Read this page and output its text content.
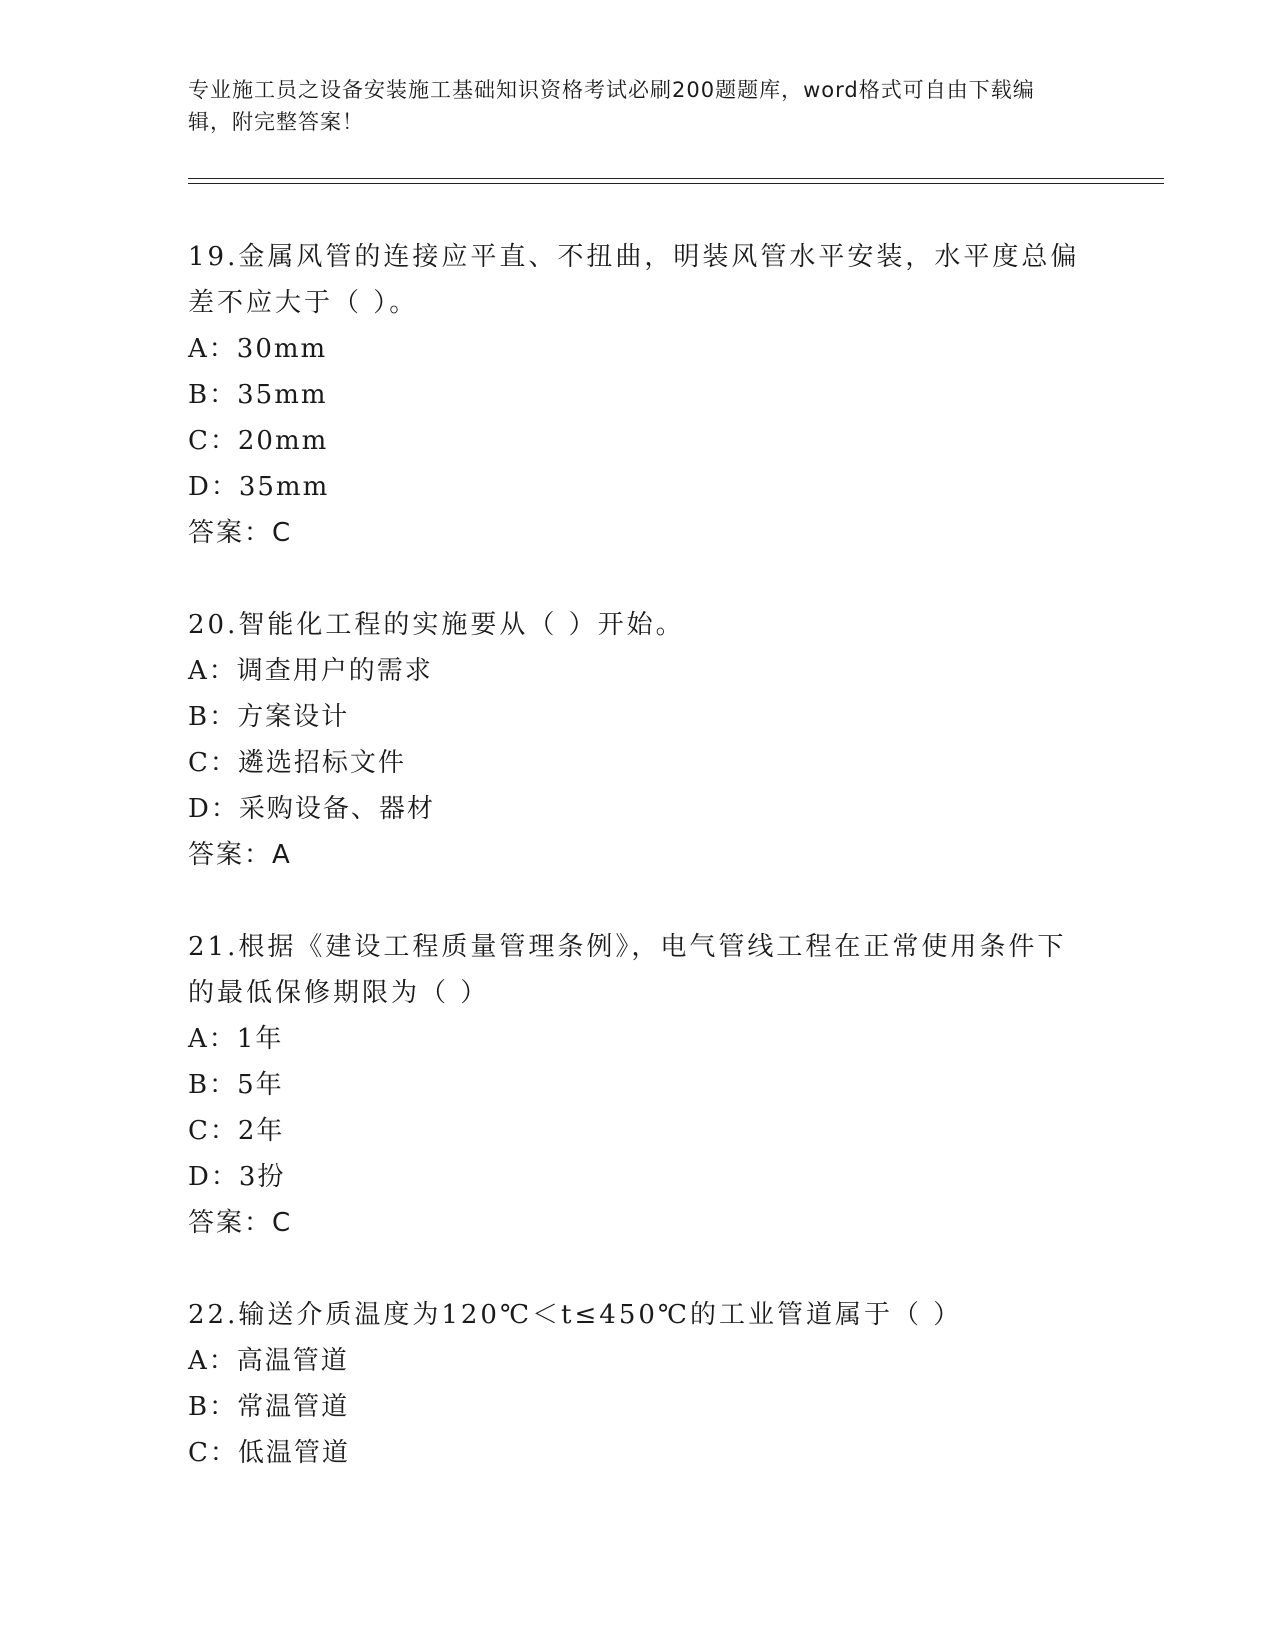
专业施工员之设备安装施工基础知识资格考试必刷200题题库，word格式可自由下载编辑，附完整答案！

19.金属风管的连接应平直、不扭曲，明装风管水平安装，水平度总偏差不应大于（ ）。

A：30mm
B：35mm
C：20mm
D：35mm

答案：C

20.智能化工程的实施要从（ ）开始。

A：调查用户的需求
B：方案设计
C：遴选招标文件
D：采购设备、器材

答案：A

21.根据《建设工程质量管理条例》，电气管线工程在正常使用条件下的最低保修期限为（ ）

A：1年
B：5年
C：2年
D：3扮

答案：C

22.输送介质温度为120℃＜t≤450℃的工业管道属于（ ）

A：高温管道
B：常温管道
C：低温管道
